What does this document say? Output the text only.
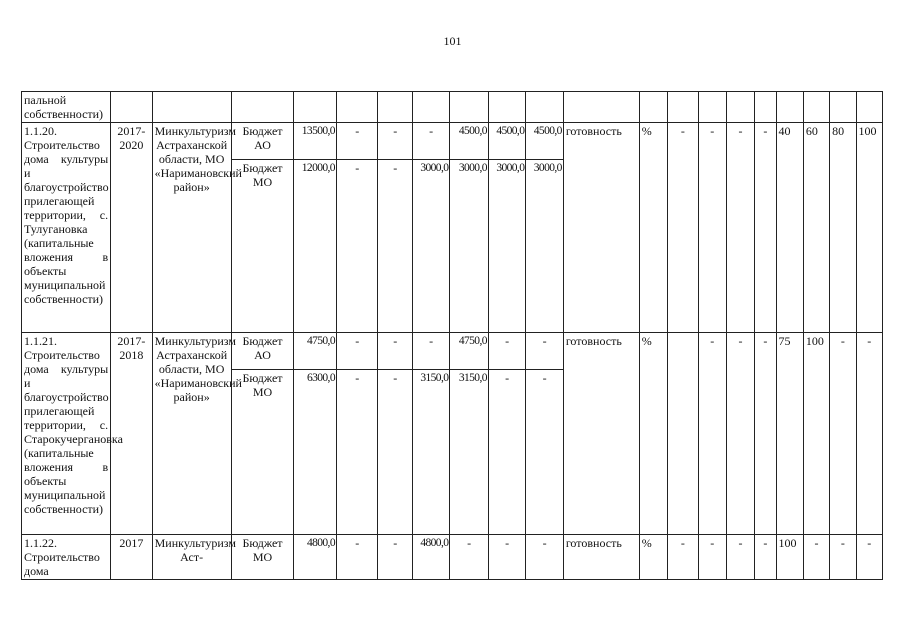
101
пальной собственности)																				
1.1.20. Строительство дома культуры и благоустройство прилегающей территории, с. Тулугановка (капитальные вложения в объекты муниципальной собственности)	2017-2020	Минкультуризм Астраханской области, МО «Наримановский район»	Бюджет АО	13500,0	-	-	-	4500,0	4500,0	4500,0	готовность	%	-	-	-	-	40	60	80	100
			Бюджет МО	12000,0	-	-	3000,0	3000,0	3000,0	3000,0										
1.1.21. Строительство дома культуры и благоустройство прилегающей территории, с. Старокучергановка (капитальные вложения в объекты муниципальной собственности)	2017-2018	Минкультуризм Астраханской области, МО «Наримановский район»	Бюджет АО	4750,0	-	-	-	4750,0	-	-	готовность	%		-	-	-	75	100	-	-
			Бюджет МО	6300,0	-	-	3150,0	3150,0	-	-										
1.1.22. Строительство дома	2017	Минкультуризм Аст-	Бюджет МО	4800,0	-	-	4800,0	-	-	-	готовность	%	-	-	-	-	100	-	-	-
